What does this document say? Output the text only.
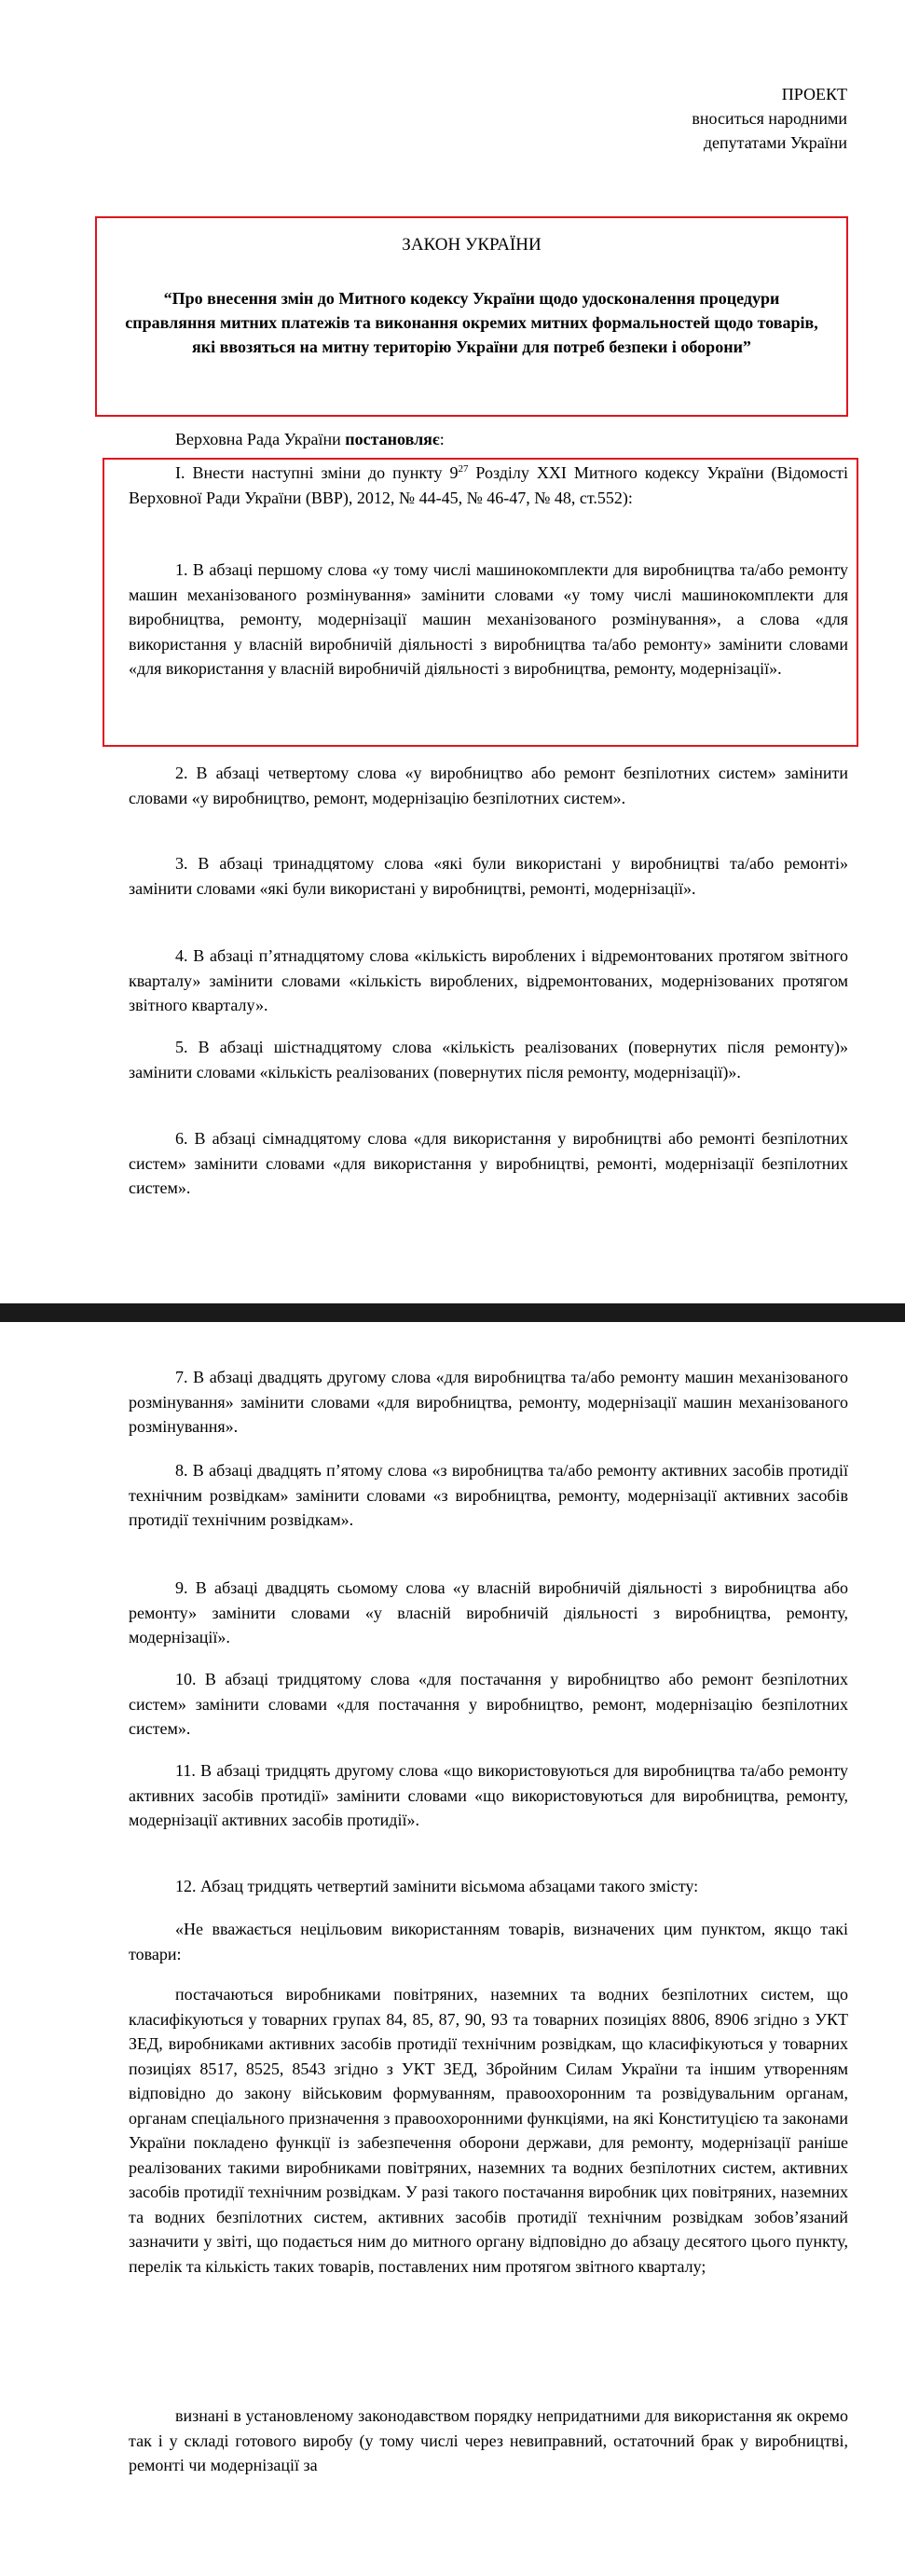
ПРОЕКТ
вноситься народними
депутатами України
ЗАКОН УКРАЇНИ
“Про внесення змін до Митного кодексу України щодо удосконалення процедури справляння митних платежів та виконання окремих митних формальностей щодо товарів, які ввозяться на митну територію України для потреб безпеки і оборони”

Верховна Рада України постановляє:

I. Внести наступні зміни до пункту $9^{27}$ Розділу XXI Митного кодексу України (Відомості Верховної Ради України (ВВР), 2012, № 44-45, № 46-47, № 48, ст.552):

1. В абзаці першому слова «у тому числі машинокомплекти для виробництва та/або ремонту машин механізованого розмінування» замінити словами «у тому числі машинокомплекти для виробництва, ремонту, модернізації машин механізованого розмінування», а слова «для використання у власній виробничій діяльності з виробництва та/або ремонту» замінити словами «для використання у власній виробничій діяльності з виробництва, ремонту, модернізації».

2. В абзаці четвертому слова «у виробництво або ремонт безпілотних систем» замінити словами «у виробництво, ремонт, модернізацію безпілотних систем».

3. В абзаці тринадцятому слова «які були використані у виробництві та/або ремонті» замінити словами «які були використані у виробництві, ремонті, модернізації».

4. В абзаці п’ятнадцятому слова «кількість вироблених і відремонтованих протягом звітного кварталу» замінити словами «кількість вироблених, відремонтованих, модернізованих протягом звітного кварталу».

5. В абзаці шістнадцятому слова «кількість реалізованих (повернутих після ремонту)» замінити словами «кількість реалізованих (повернутих після ремонту, модернізації)».

6. В абзаці сімнадцятому слова «для використання у виробництві або ремонті безпілотних систем» замінити словами «для використання у виробництві, ремонті, модернізації безпілотних систем».

7. В абзаці двадцять другому слова «для виробництва та/або ремонту машин механізованого розмінування» замінити словами «для виробництва, ремонту, модернізації машин механізованого розмінування».

8. В абзаці двадцять п’ятому слова «з виробництва та/або ремонту активних засобів протидії технічним розвідкам» замінити словами «з виробництва, ремонту, модернізації активних засобів протидії технічним розвідкам».

9. В абзаці двадцять сьомому слова «у власній виробничій діяльності з виробництва або ремонту» замінити словами «у власній виробничій діяльності з виробництва, ремонту, модернізації».

10. В абзаці тридцятому слова «для постачання у виробництво або ремонт безпілотних систем» замінити словами «для постачання у виробництво, ремонт, модернізацію безпілотних систем».

11. В абзаці тридцять другому слова «що використовуються для виробництва та/або ремонту активних засобів протидії» замінити словами «що використовуються для виробництва, ремонту, модернізації активних засобів протидії».

12. Абзац тридцять четвертий замінити вісьмома абзацами такого змісту:

«Не вважається нецільовим використанням товарів, визначених цим пунктом, якщо такі товари:

постачаються виробниками повітряних, наземних та водних безпілотних систем, що класифікуються у товарних групах 84, 85, 87, 90, 93 та товарних позиціях 8806, 8906 згідно з УКТ ЗЕД, виробниками активних засобів протидії технічним розвідкам, що класифікуються у товарних позиціях 8517, 8525, 8543 згідно з УКТ ЗЕД, Збройним Силам України та іншим утворенням відповідно до закону військовим формуванням, правоохоронним та розвідувальним органам, органам спеціального призначення з правоохоронними функціями, на які Конституцією та законами України покладено функції із забезпечення оборони держави, для ремонту, модернізації раніше реалізованих такими виробниками повітряних, наземних та водних безпілотних систем, активних засобів протидії технічним розвідкам. У разі такого постачання виробник цих повітряних, наземних та водних безпілотних систем, активних засобів протидії технічним розвідкам зобов’язаний зазначити у звіті, що подається ним до митного органу відповідно до абзацу десятого цього пункту, перелік та кількість таких товарів, поставлених ним протягом звітного кварталу;

визнані в установленому законодавством порядку непридатними для використання як окремо так і у складі готового виробу (у тому числі через невиправний, остаточний брак у виробництві, ремонті чи модернізації за
